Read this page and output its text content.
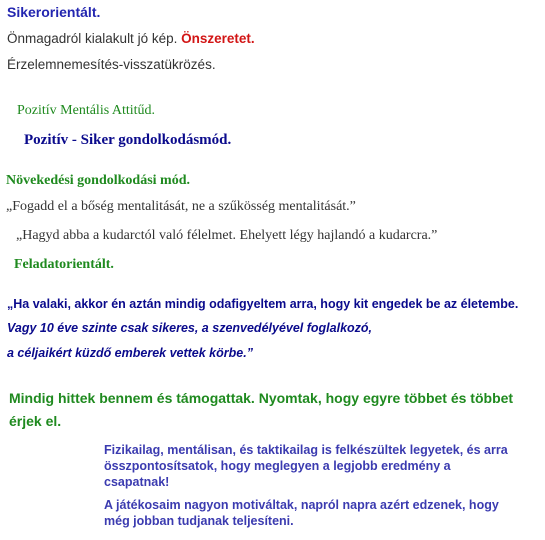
Sikerorientált.
Önmagadról kialakult jó kép. Önszeretet.
Érzelemnemesítés-visszatükrözés.
Pozitív Mentális Attitűd.
Pozitív - Siker gondolkodásmód.
Növekedési gondolkodási mód.
„Fogadd el a bőség mentalitását, ne a szűkösség mentalitását.”
„Hagyd abba a kudarctól való félelmet. Ehelyett légy hajlandó a kudarcra.”
Feladatorientált.
„Ha valaki, akkor én aztán mindig odafigyeltem arra, hogy kit engedek be az életembe.
Vagy 10 éve szinte csak sikeres, a szenvedélyével foglalkozó,
a céljaikért küzdő emberek vettek körbe.”
Mindig hittek bennem és támogattak. Nyomtak, hogy egyre többet és többet
érjek el.
Fizikailag, mentálisan, és taktikailag is felkészültek legyetek, és arra
összpontosítsatok, hogy meglegyen a legjobb eredmény a
csapatnak!
A játékosaim nagyon motiváltak, napról napra azért edzenek, hogy
még jobban tudjanak teljesíteni.
